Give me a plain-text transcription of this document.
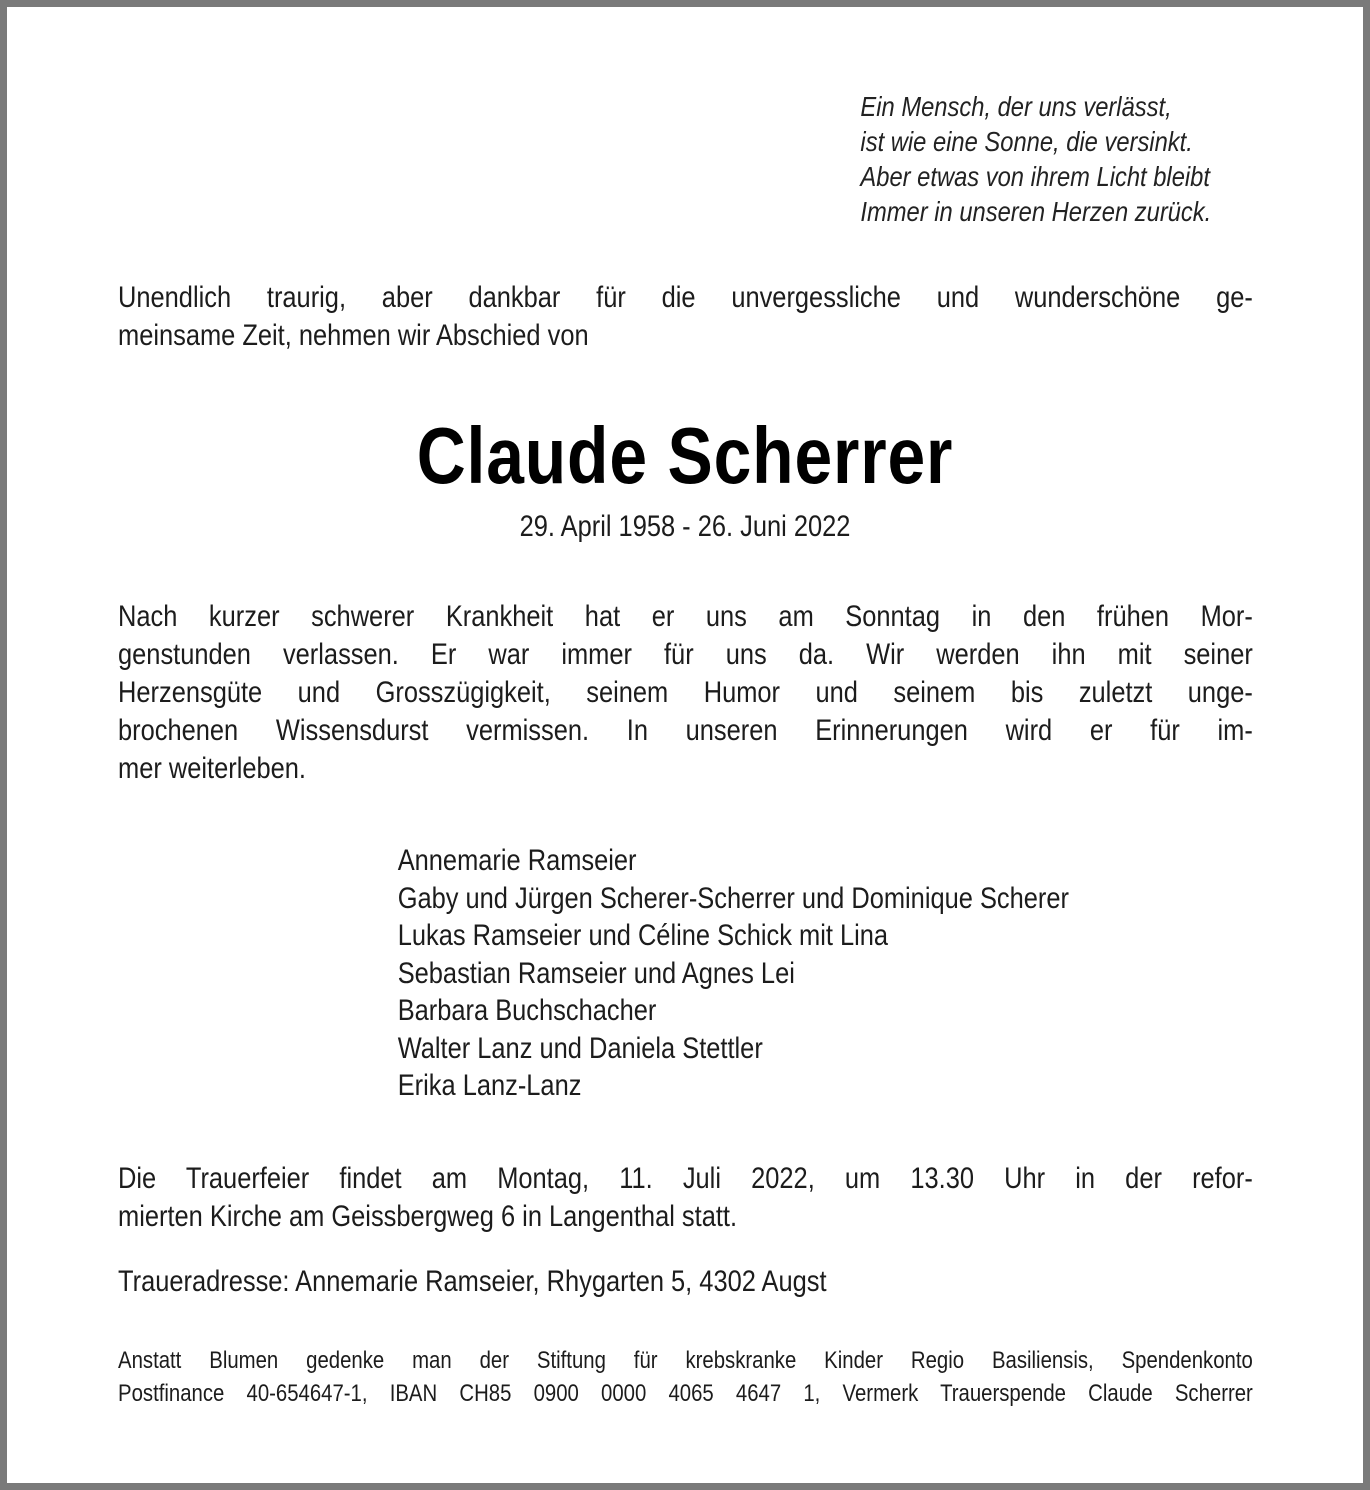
Ein Mensch, der uns verlässt,
ist wie eine Sonne, die versinkt.
Aber etwas von ihrem Licht bleibt
Immer in unseren Herzen zurück.
Unendlich traurig, aber dankbar für die unvergessliche und wunderschöne ge-
meinsame Zeit, nehmen wir Abschied von
Claude Scherrer
29. April 1958 - 26. Juni 2022
Nach kurzer schwerer Krankheit hat er uns am Sonntag in den frühen Mor-
genstunden verlassen. Er war immer für uns da. Wir werden ihn mit seiner
Herzensgüte und Grosszügigkeit, seinem Humor und seinem bis zuletzt unge-
brochenen Wissensdurst vermissen. In unseren Erinnerungen wird er für im-
mer weiterleben.
Annemarie Ramseier
Gaby und Jürgen Scherer-Scherrer und Dominique Scherer
Lukas Ramseier und Céline Schick mit Lina
Sebastian Ramseier und Agnes Lei
Barbara Buchschacher
Walter Lanz und Daniela Stettler
Erika Lanz-Lanz
Die Trauerfeier findet am Montag, 11. Juli 2022, um 13.30 Uhr in der refor-
mierten Kirche am Geissbergweg 6 in Langenthal statt.
Traueradresse: Annemarie Ramseier, Rhygarten 5, 4302 Augst
Anstatt Blumen gedenke man der Stiftung für krebskranke Kinder Regio Basiliensis, Spendenkonto
Postfinance 40-654647-1, IBAN CH85 0900 0000 4065 4647 1, Vermerk Trauerspende Claude Scherrer
